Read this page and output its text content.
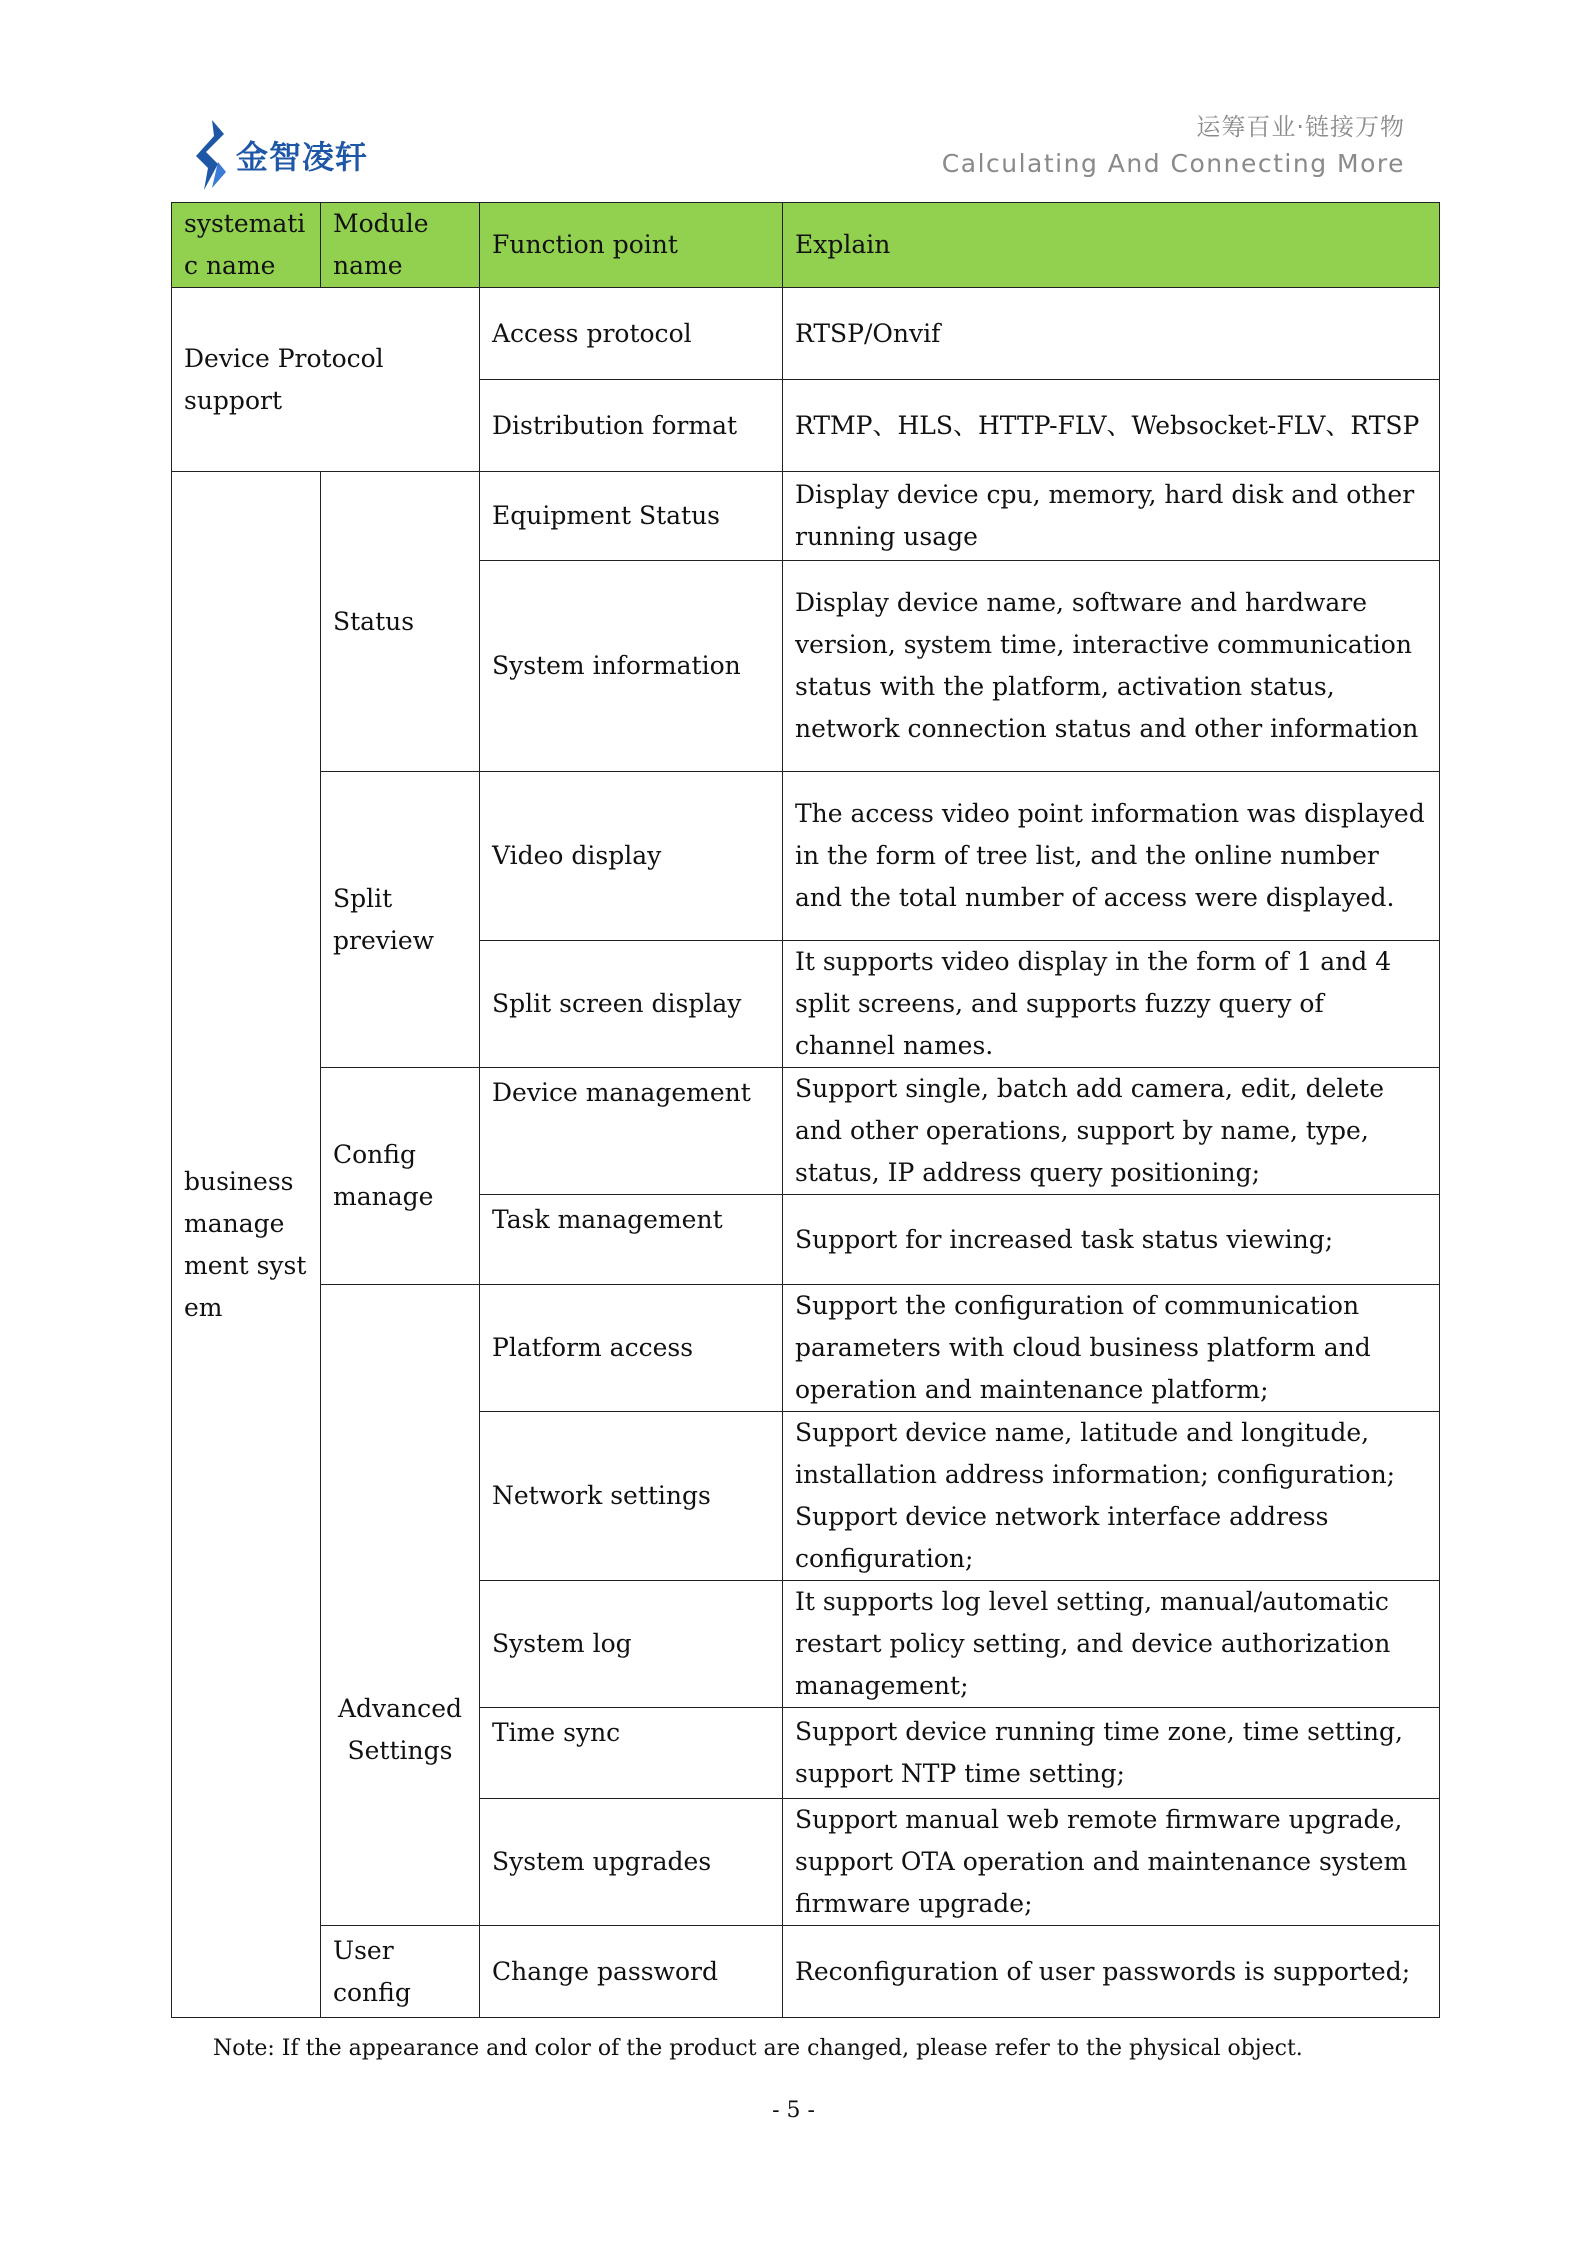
金智凌轩
运筹百业·链接万物
Calculating And Connecting More
systematic name	Module name	Function point	Explain
Device Protocol support		Access protocol	RTSP/Onvif
		Distribution format	RTMP、HLS、HTTP-FLV、Websocket-FLV、RTSP
business management system	Status	Equipment Status	Display device cpu, memory, hard disk and other running usage
		System information	Display device name, software and hardware version, system time, interactive communication status with the platform, activation status, network connection status and other information
	Split preview	Video display	The access video point information was displayed in the form of tree list, and the online number and the total number of access were displayed.
		Split screen display	It supports video display in the form of 1 and 4 split screens, and supports fuzzy query of channel names.
	Config manage	Device management	Support single, batch add camera, edit, delete and other operations, support by name, type, status, IP address query positioning;
		Task management	Support for increased task status viewing;
	Advanced Settings	Platform access	Support the configuration of communication parameters with cloud business platform and operation and maintenance platform;
		Network settings	Support device name, latitude and longitude, installation address information; configuration; Support device network interface address configuration;
		System log	It supports log level setting, manual/automatic restart policy setting, and device authorization management;
		Time sync	Support device running time zone, time setting, support NTP time setting;
		System upgrades	Support manual web remote firmware upgrade, support OTA operation and maintenance system firmware upgrade;
	User config	Change password	Reconfiguration of user passwords is supported;
Note: If the appearance and color of the product are changed, please refer to the physical object.
- 5 -
